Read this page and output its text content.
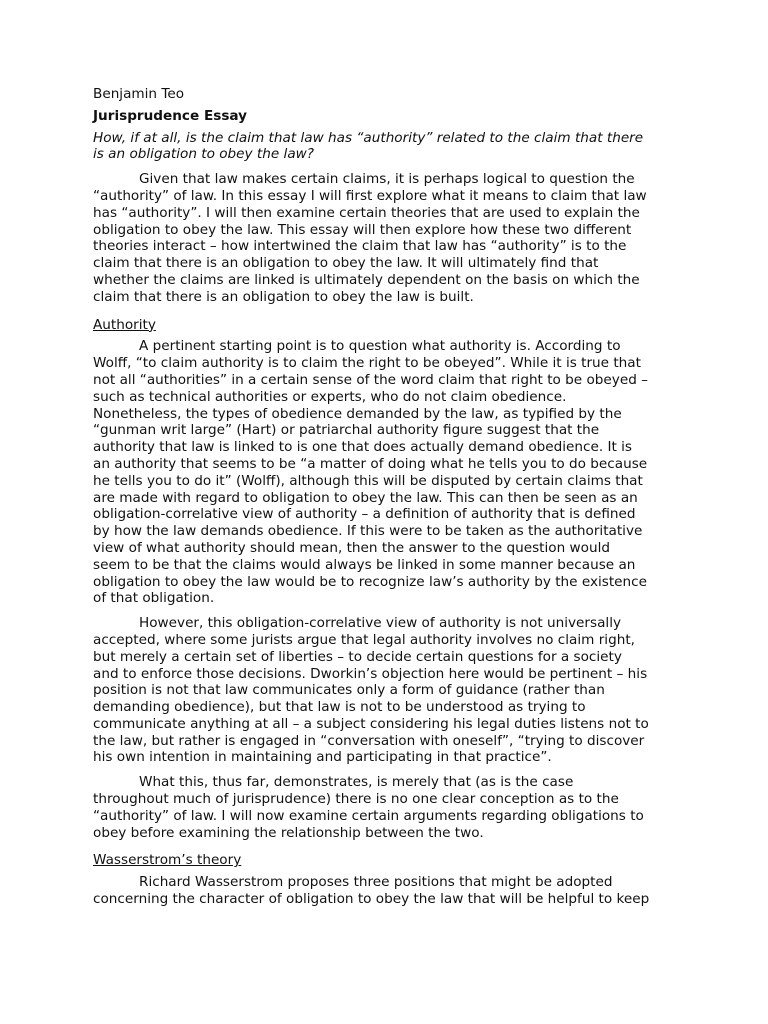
Benjamin Teo
Jurisprudence Essay
How, if at all, is the claim that law has “authority” related to the claim that there
is an obligation to obey the law?
Given that law makes certain claims, it is perhaps logical to question the
“authority” of law. In this essay I will first explore what it means to claim that law
has “authority”. I will then examine certain theories that are used to explain the
obligation to obey the law. This essay will then explore how these two different
theories interact – how intertwined the claim that law has “authority” is to the
claim that there is an obligation to obey the law. It will ultimately find that
whether the claims are linked is ultimately dependent on the basis on which the
claim that there is an obligation to obey the law is built.
Authority
A pertinent starting point is to question what authority is. According to
Wolff, “to claim authority is to claim the right to be obeyed”. While it is true that
not all “authorities” in a certain sense of the word claim that right to be obeyed –
such as technical authorities or experts, who do not claim obedience.
Nonetheless, the types of obedience demanded by the law, as typified by the
“gunman writ large” (Hart) or patriarchal authority figure suggest that the
authority that law is linked to is one that does actually demand obedience. It is
an authority that seems to be “a matter of doing what he tells you to do because
he tells you to do it” (Wolff), although this will be disputed by certain claims that
are made with regard to obligation to obey the law. This can then be seen as an
obligation-correlative view of authority – a definition of authority that is defined
by how the law demands obedience. If this were to be taken as the authoritative
view of what authority should mean, then the answer to the question would
seem to be that the claims would always be linked in some manner because an
obligation to obey the law would be to recognize law’s authority by the existence
of that obligation.
However, this obligation-correlative view of authority is not universally
accepted, where some jurists argue that legal authority involves no claim right,
but merely a certain set of liberties – to decide certain questions for a society
and to enforce those decisions. Dworkin’s objection here would be pertinent – his
position is not that law communicates only a form of guidance (rather than
demanding obedience), but that law is not to be understood as trying to
communicate anything at all – a subject considering his legal duties listens not to
the law, but rather is engaged in “conversation with oneself”, “trying to discover
his own intention in maintaining and participating in that practice”.
What this, thus far, demonstrates, is merely that (as is the case
throughout much of jurisprudence) there is no one clear conception as to the
“authority” of law. I will now examine certain arguments regarding obligations to
obey before examining the relationship between the two.
Wasserstrom’s theory
Richard Wasserstrom proposes three positions that might be adopted
concerning the character of obligation to obey the law that will be helpful to keep
